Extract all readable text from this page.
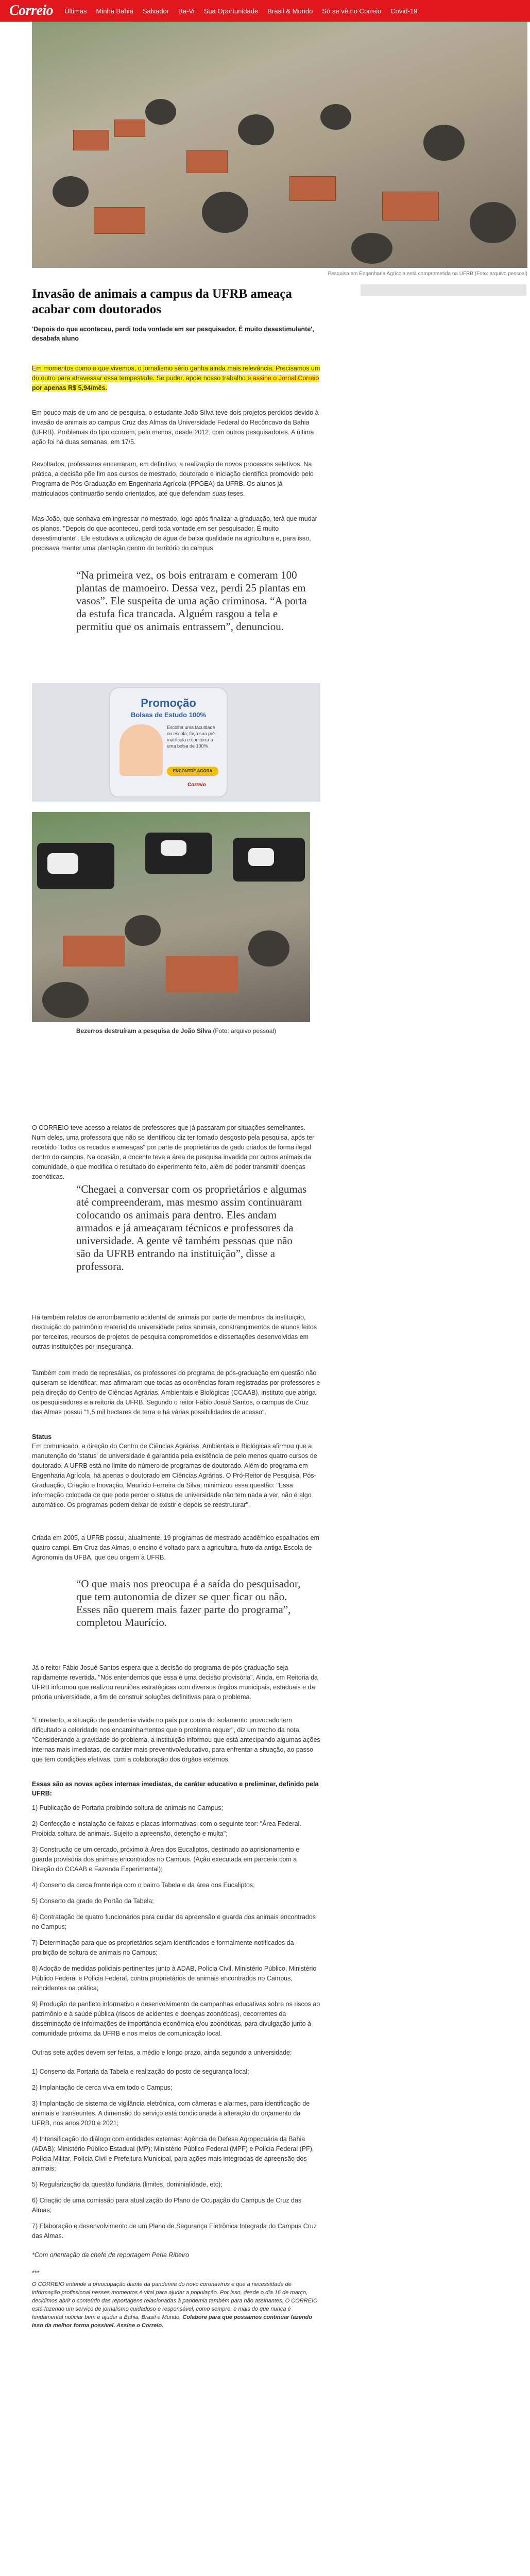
Correio Últimas Minha Bahia Salvador Ba-Vi Sua Oportunidade Brasil & Mundo Só se vê no Correio Covid-19
Pesquisa em Engenharia Agrícola está comprometida na UFRB (Foto: arquivo pessoal)
Invasão de animais a campus da UFRB ameaça acabar com doutorados
'Depois do que aconteceu, perdi toda vontade em ser pesquisador. É muito desestimulante', desabafa aluno

Em momentos como o que vivemos, o jornalismo sério ganha ainda mais relevância. Precisamos um do outro para atravessar essa tempestade. Se puder, apoie nosso trabalho e assine o Jornal Correio por apenas R$ 5,94/mês.

Em pouco mais de um ano de pesquisa, o estudante João Silva teve dois projetos perdidos devido à invasão de animais ao campus Cruz das Almas da Universidade Federal do Recôncavo da Bahia (UFRB). Problemas do tipo ocorrem, pelo menos, desde 2012, com outros pesquisadores. A última ação foi há duas semanas, em 17/5.

Revoltados, professores encerraram, em definitivo, a realização de novos processos seletivos. Na prática, a decisão põe fim aos cursos de mestrado, doutorado e iniciação científica promovido pelo Programa de Pós-Graduação em Engenharia Agrícola (PPGEA) da UFRB. Os alunos já matriculados continuarão sendo orientados, até que defendam suas teses.

Mas João, que sonhava em ingressar no mestrado, logo após finalizar a graduação, terá que mudar os planos. "Depois do que aconteceu, perdi toda vontade em ser pesquisador. É muito desestimulante". Ele estudava a utilização de água de baixa qualidade na agricultura e, para isso, precisava manter uma plantação dentro do território do campus.

“Na primeira vez, os bois entraram e comeram 100 plantas de mamoeiro. Dessa vez, perdi 25 plantas em vasos”. Ele suspeita de uma ação criminosa. “A porta da estufa fica trancada. Alguém rasgou a tela e permitiu que os animais entrassem”, denunciou.
Promoção
Bolsas de Estudo 100%
Escolha uma faculdade ou escola, faça sua pré-matrícula e concorra a uma bolsa de 100%
ENCONTRE AGORA
Correio
Bezerros destruíram a pesquisa de João Silva (Foto: arquivo pessoal)

O CORREIO teve acesso a relatos de professores que já passaram por situações semelhantes. Num deles, uma professora que não se identificou diz ter tomado desgosto pela pesquisa, após ter recebido "todos os recados e ameaças" por parte de proprietários de gado criados de forma ilegal dentro do campus. Na ocasião, a docente teve a área de pesquisa invadida por outros animais da comunidade, o que modifica o resultado do experimento feito, além de poder transmitir doenças zoonóticas.

“Chegaei a conversar com os proprietários e algumas até compreenderam, mas mesmo assim continuaram colocando os animais para dentro. Eles andam armados e já ameaçaram técnicos e professores da universidade. A gente vê também pessoas que não são da UFRB entrando na instituição”, disse a professora.

Há também relatos de arrombamento acidental de animais por parte de membros da instituição, destruição do patrimônio material da universidade pelos animais, constrangimentos de alunos feitos por terceiros, recursos de projetos de pesquisa comprometidos e dissertações desenvolvidas em outras instituições por insegurança.

Também com medo de represálias, os professores do programa de pós-graduação em questão não quiseram se identificar, mas afirmaram que todas as ocorrências foram registradas por professores e pela direção do Centro de Ciências Agrárias, Ambientais e Biológicas (CCAAB), instituto que abriga os pesquisadores e a reitoria da UFRB. Segundo o reitor Fábio Josué Santos, o campus de Cruz das Almas possui "1,5 mil hectares de terra e há várias possibilidades de acesso".

Status

Em comunicado, a direção do Centro de Ciências Agrárias, Ambientais e Biológicas afirmou que a manutenção do 'status' de universidade é garantida pela existência de pelo menos quatro cursos de doutorado. A UFRB está no limite do número de programas de doutorado. Além do programa em Engenharia Agrícola, há apenas o doutorado em Ciências Agrárias. O Pró-Reitor de Pesquisa, Pós-Graduação, Criação e Inovação, Maurício Ferreira da Silva, minimizou essa questão: "Essa informação colocada de que pode perder o status de universidade não tem nada a ver, não é algo automático. Os programas podem deixar de existir e depois se reestruturar".

Criada em 2005, a UFRB possui, atualmente, 19 programas de mestrado acadêmico espalhados em quatro campi. Em Cruz das Almas, o ensino é voltado para a agricultura, fruto da antiga Escola de Agronomia da UFBA, que deu origem à UFRB.

“O que mais nos preocupa é a saída do pesquisador, que tem autonomia de dizer se quer ficar ou não. Esses não querem mais fazer parte do programa”, completou Maurício.

Já o reitor Fábio Josué Santos espera que a decisão do programa de pós-graduação seja rapidamente revertida. "Nós entendemos que essa é uma decisão provisória". Ainda, em Reitoria da UFRB informou que realizou reuniões estratégicas com diversos órgãos municipais, estaduais e da própria universidade, a fim de construir soluções definitivas para o problema.

"Entretanto, a situação de pandemia vivida no país por conta do isolamento provocado tem dificultado a celeridade nos encaminhamentos que o problema requer", diz um trecho da nota. "Considerando a gravidade do problema, a instituição informou que está antecipando algumas ações internas mais imediatas, de caráter mais preventivo/educativo, para enfrentar a situação, ao passo que tem condições efetivas, com a colaboração dos órgãos externos.

Essas são as novas ações internas imediatas, de caráter educativo e preliminar, definido pela UFRB:

1) Publicação de Portaria proibindo soltura de animais no Campus;

2) Confecção e instalação de faixas e placas informativas, com o seguinte teor: "Área Federal. Proibida soltura de animais. Sujeito a apreensão, detenção e multa";

3) Construção de um cercado, próximo à Área dos Eucaliptos, destinado ao aprisionamento e guarda provisória dos animais encontrados no Campus. (Ação executada em parceria com a Direção do CCAAB e Fazenda Experimental);

4) Conserto da cerca fronteiriça com o bairro Tabela e da área dos Eucaliptos;

5) Conserto da grade do Portão da Tabela;

6) Contratação de quatro funcionários para cuidar da apreensão e guarda dos animais encontrados no Campus;

7) Determinação para que os proprietários sejam identificados e formalmente notificados da proibição de soltura de animais no Campus;

8) Adoção de medidas policiais pertinentes junto à ADAB, Polícia Civil, Ministério Público, Ministério Público Federal e Polícia Federal, contra proprietários de animais encontrados no Campus, reincidentes na prática;

9) Produção de panfleto informativo e desenvolvimento de campanhas educativas sobre os riscos ao patrimônio e à saúde pública (riscos de acidentes e doenças zoonóticas), decorrentes da disseminação de informações de importância econômica e/ou zoonóticas, para divulgação junto à comunidade próxima da UFRB e nos meios de comunicação local.

Outras sete ações devem ser feitas, a médio e longo prazo, ainda segundo a universidade:

1) Conserto da Portaria da Tabela e realização do posto de segurança local;

2) Implantação de cerca viva em todo o Campus;

3) Implantação de sistema de vigilância eletrônica, com câmeras e alarmes, para identificação de animais e transeuntes. A dimensão do serviço está condicionada à alteração do orçamento da UFRB, nos anos 2020 e 2021;

4) Intensificação do diálogo com entidades externas: Agência de Defesa Agropecuária da Bahia (ADAB); Ministério Público Estadual (MP); Ministério Público Federal (MPF) e Polícia Federal (PF), Polícia Militar, Polícia Civil e Prefeitura Municipal, para ações mais integradas de apreensão dos animais;

5) Regularização da questão fundiária (limites, dominialidade, etc);

6) Criação de uma comissão para atualização do Plano de Ocupação do Campus de Cruz das Almas;

7) Elaboração e desenvolvimento de um Plano de Segurança Eletrônica Integrada do Campus Cruz das Almas.

*Com orientação da chefe de reportagem Perla Ribeiro

***

O CORREIO entende a preocupação diante da pandemia do novo coronavírus e que a necessidade de informação profissional nesses momentos é vital para ajudar a população. Por isso, desde o dia 16 de março, decidimos abrir o conteúdo das reportagens relacionadas à pandemia também para não assinantes. O CORREIO está fazendo um serviço de jornalismo cuidadoso e responsável, como sempre, e mais do que nunca é fundamental noticiar bem e ajudar a Bahia, Brasil e Mundo. Colabore para que possamos continuar fazendo isso da melhor forma possível. Assine o Correio.
